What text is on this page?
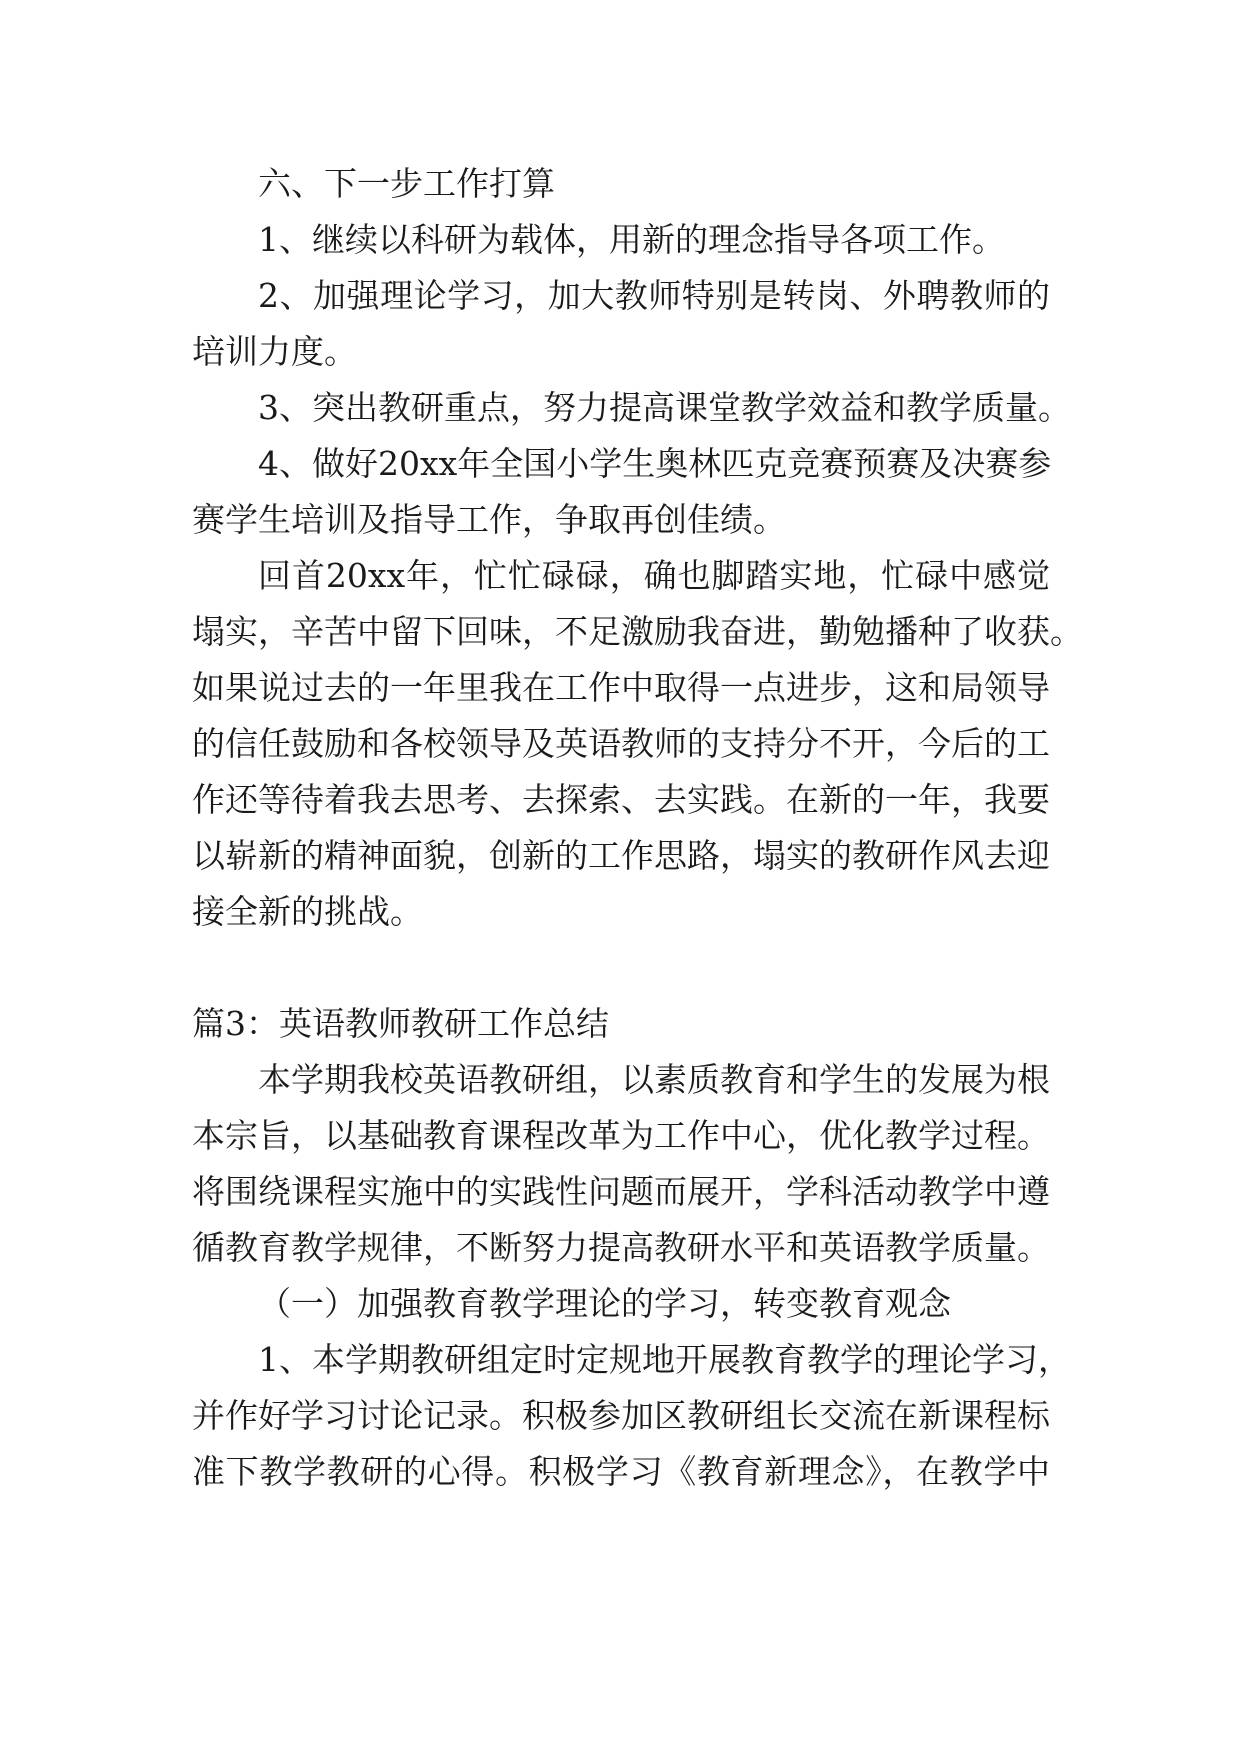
六、下一步工作打算
1、继续以科研为载体，用新的理念指导各项工作。
2、加强理论学习，加大教师特别是转岗、外聘教师的
培训力度。
3、突出教研重点，努力提高课堂教学效益和教学质量。
4、做好20xx年全国小学生奥林匹克竞赛预赛及决赛参
赛学生培训及指导工作，争取再创佳绩。
回首20xx年，忙忙碌碌，确也脚踏实地，忙碌中感觉
塌实，辛苦中留下回味，不足激励我奋进，勤勉播种了收获。
如果说过去的一年里我在工作中取得一点进步，这和局领导
的信任鼓励和各校领导及英语教师的支持分不开，今后的工
作还等待着我去思考、去探索、去实践。在新的一年，我要
以崭新的精神面貌，创新的工作思路，塌实的教研作风去迎
接全新的挑战。
篇3：英语教师教研工作总结
本学期我校英语教研组，以素质教育和学生的发展为根
本宗旨，以基础教育课程改革为工作中心，优化教学过程。
将围绕课程实施中的实践性问题而展开，学科活动教学中遵
循教育教学规律，不断努力提高教研水平和英语教学质量。
（一）加强教育教学理论的学习，转变教育观念
1、本学期教研组定时定规地开展教育教学的理论学习，
并作好学习讨论记录。积极参加区教研组长交流在新课程标
准下教学教研的心得。积极学习《教育新理念》，在教学中
